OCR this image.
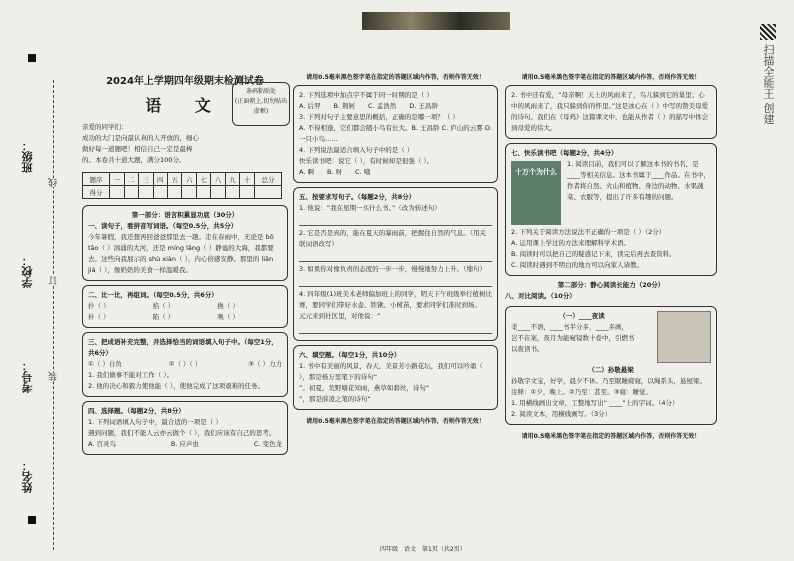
班级：
学校：
考号：
姓名：
线
订
装
2024年上学期四年级期末检测试卷
语 文

亲爱的同学们：

成功的大门是向最认真的人开放的，细心做好每一道题吧！相信自己一定是最棒的。本卷共十道大题，满分100分。

条码粘贴处
(正面朝上,切勿贴出虚框)
题序	一	二	三	四	五	六	七	八	九	十	总分
得分											

第一部分：语言积累显功底（30分）

一、读句子，看拼音写词语。（每空0.5分，共5分）

今年暑假，我还想再回爸爸那里去一趟。走在春雨中，无论是 bō tāo（ ）汹涌的大河，还是 míng lǎng（ ）静谧的大海，我都要去。这些向我展示的 shù xiàn（ ），内心倍感安静。那里的 liǎn jiá（ ），像奶奶的美食一样温暖我。

二、比一比，再组词。（每空0.5分，共6分）

扑（ ）	掐（ ）	换（ ）
朴（ ）	陷（ ）	唤（ ）

三、把成语补充完整，并选择恰当的词语填入句子中。（每空1分，共6分）

①（ ）自负	②（ ）（ ）	③（ ）力力

1. 我们做事不能对工作（ ）。

2. 他的决心和毅力使他能（ ），使他完成了这项艰难的任务。

四、选择题。（每题2分，共8分）

1. 下列词语填入句子中，最合适的一项是（ ）

遇到问题，我们不能人云亦云做个（ ），我们应该有自己的思考。

A. 百灵鸟	B. 应声虫	C. 变色龙
请用0.5毫米黑色签字笔在指定的答题区域内作答，否则作答无效！

2. 下列选项中加点字不属于同一时期的是（ ）

A. 后羿　　B. 荆轲　　C. 孟浩然　　D. 王昌龄

3. 下列对句子主要意思的概括，正确的是哪一项？（ ）

A. 不得相逢，它们都会随小鸟有长大。B. 王昌龄 C. 庐山的云雾 D. 一只小鸟......

4. 下列说法最适合填入句子中的是（ ）

快乐读书吧：说它（ ），有时候却是很强（ ）。

A. 啊　　B. 呀　　C. 哦

五、按要求写句子。（每题2分，共8分）

1. 他说：“我在星期一买什么书。”（改为转述句）

2. 它是否是真的，能在夏天的暴雨前，把握住自然的气息。（用关联词语改写）

3. 如果你对像负责的态度的一步一步，慢慢地努力上升。（缩句）

4. 四年级(1)班美术老师偏加班上的同学，明天下午班级举行植树比赛，要同学们带好水壶、铁锹、小树苗，要求同学们准时到场。

元元来到社区里，对他说：“

六、填空题。（每空1分，共10分）

1. 书中有美丽的风景，春天，美景芳小路花坛，我们可以吟诵（ ），那是杨万里笔下的诗句“

”。初夏，荒野塘花知雨，燕草如碧丝，诗句“

”，那是薛凌之笔的诗句“

请用0.5毫米黑色签字笔在指定的答题区域内作答，否则作答无效！
请用0.5毫米黑色签字笔在指定的答题区域内作答，否则作答无效！

2. 书中还有爱，“母亲啊！天上的风雨来了，鸟儿躲到它的巢里；心中的风雨来了，我只躲到你的怀里。”这是冰心在（ ）中写的赞美母爱的诗句。我们在《母鸡》这篇课文中，也能从作者（ ）的描写中体会到母爱的伟大。

七、快乐读书吧（每题2分，共4分）

十万个为什么

1. 阅读目前，我们可以了解这本书的书名，是____等相关信息。这本书属于____作品。在书中，作者将自然、火山和植物、身边的动物、水果蔬菜、衣服等，提出了许多有趣的问题。

2. 下列关于阅读方法说法不正确的一项是（ ）（2分）

A. 运用课上学过的方法来理解科学术语。

B. 阅读时可以把自己的疑惑记下来，读完后再去查资料。

C. 阅读时遇到不明白的地方可以向家人请教。

第二部分：静心阅读长能力（20分）

八、对比阅读。（10分）

（一）____夜读

柔____不语，____书半分多，____多画，

岂不在案，夜月为能窥镜数十卷中，引燃书

以夜读书。

（二）孙敬悬梁

孙敬字文宝，好学，晨夕不休。乃至眠睡疲寝，以绳系头，悬屋梁。

注释：①夕，晚上。②乃至：甚至。③寝：睡觉。

1. 用横线画出文章，工整地写出“ ____”上的字词。（4分）

2. 阅读文本，用横线画写。（3分）

请用0.5毫米黑色签字笔在指定的答题区域内作答，否则作答无效！
扫描全能王 创建
四年级　语文　第1页（共2页）
